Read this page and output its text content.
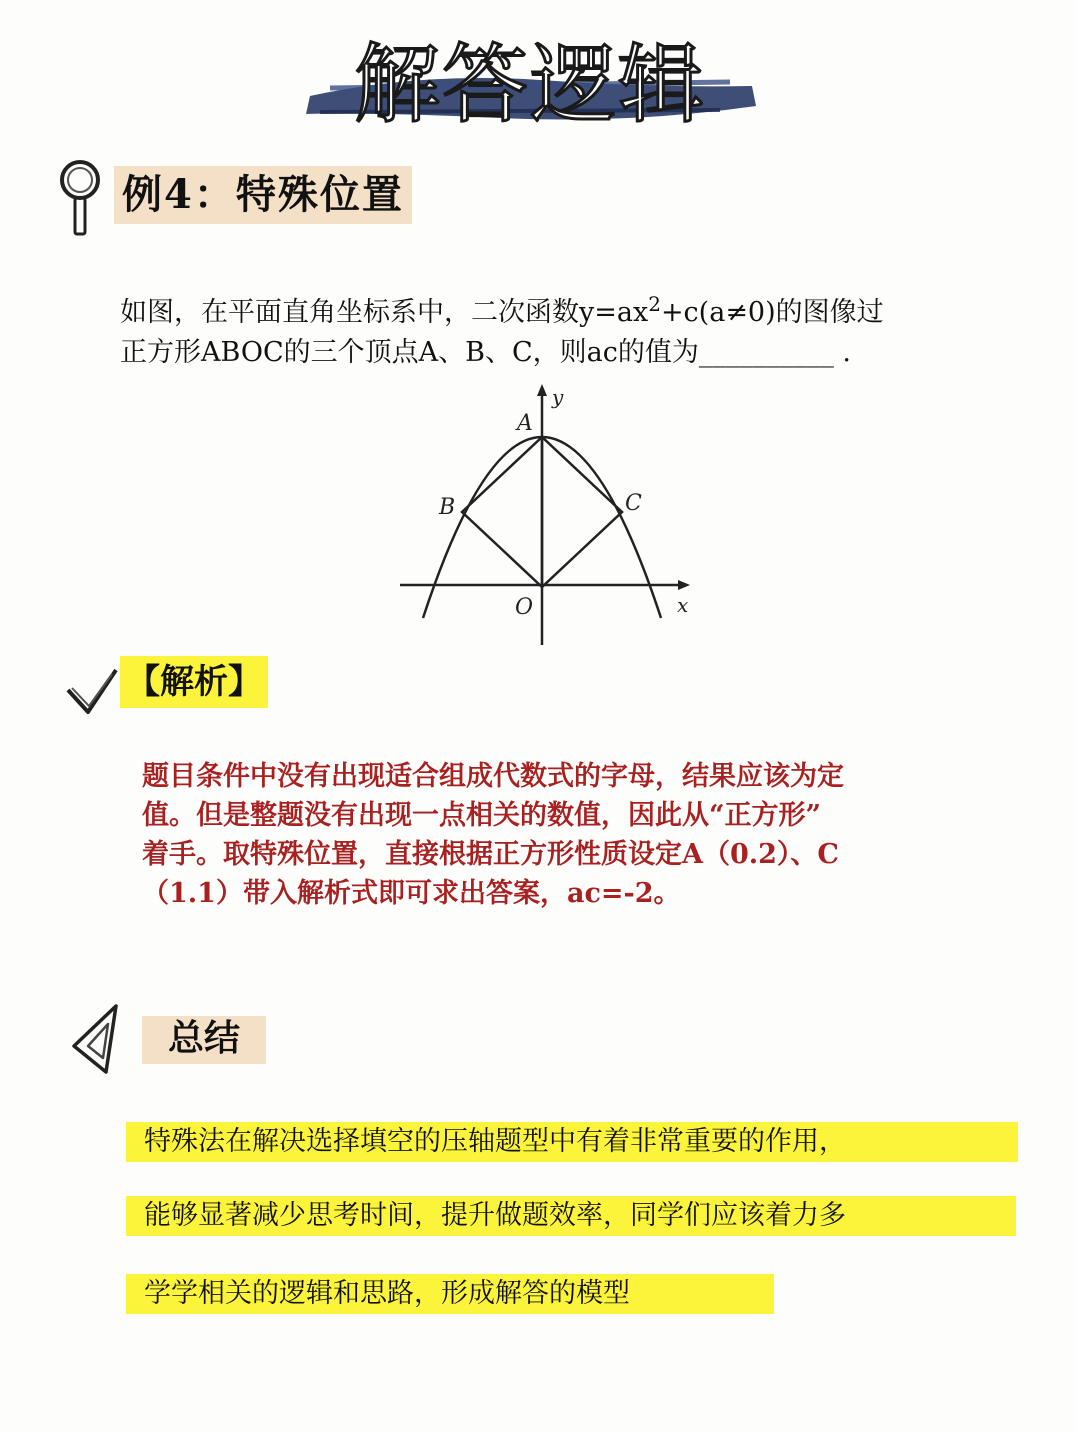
解答逻辑
例4：特殊位置
如图，在平面直角坐标系中，二次函数$y=ax^2+c(a\ne 0)$的图像过
正方形ABOC的三个顶点A、B、C，则ac的值为__________ .
A
B	C
O	x
y
【解析】
题目条件中没有出现适合组成代数式的字母，结果应该为定
值。但是整题没有出现一点相关的数值，因此从“正方形”
着手。取特殊位置，直接根据正方形性质设定A（0.2）、C
（1.1）带入解析式即可求出答案，ac=-2。
总结
特殊法在解决选择填空的压轴题型中有着非常重要的作用，
能够显著减少思考时间，提升做题效率，同学们应该着力多
学学相关的逻辑和思路，形成解答的模型
